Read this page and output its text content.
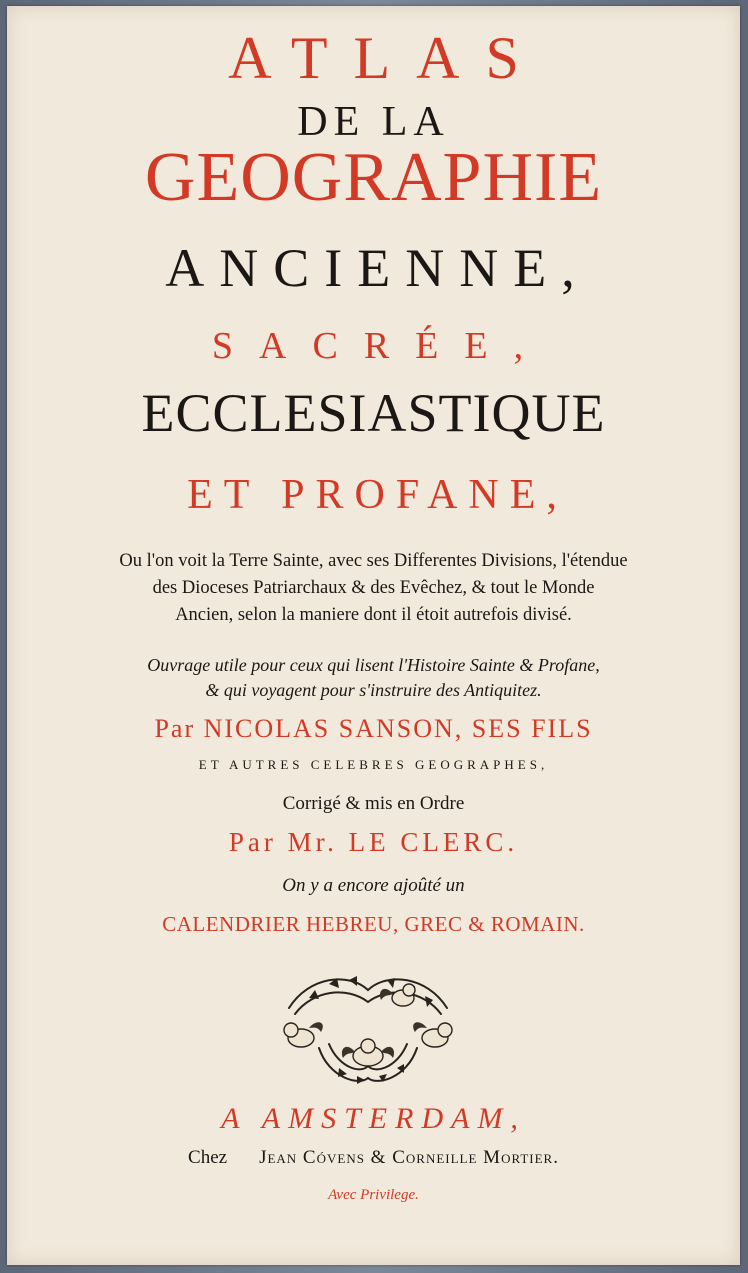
ATLAS
DE LA
GEOGRAPHIE
ANCIENNE,
SACRÉE,
ECCLESIASTIQUE
ET PROFANE,
Ou l'on voit la Terre Sainte, avec ses Differentes Divisions, l'étendue
des Dioceses Patriarchaux & des Evêchez, & tout le Monde
Ancien, selon la maniere dont il étoit autrefois divisé.
Ouvrage utile pour ceux qui lisent l'Histoire Sainte & Profane,
& qui voyagent pour s'instruire des Antiquitez.
Par NICOLAS SANSON, SES FILS
ET AUTRES CELEBRES GEOGRAPHES,
Corrigé & mis en Ordre
Par Mr. LE CLERC.
On y a encore ajoûté un
CALENDRIER HEBREU, GREC & ROMAIN.
A AMSTERDAM,
Chez Jean Cóvens & Corneille Mortier.
Avec Privilege.
